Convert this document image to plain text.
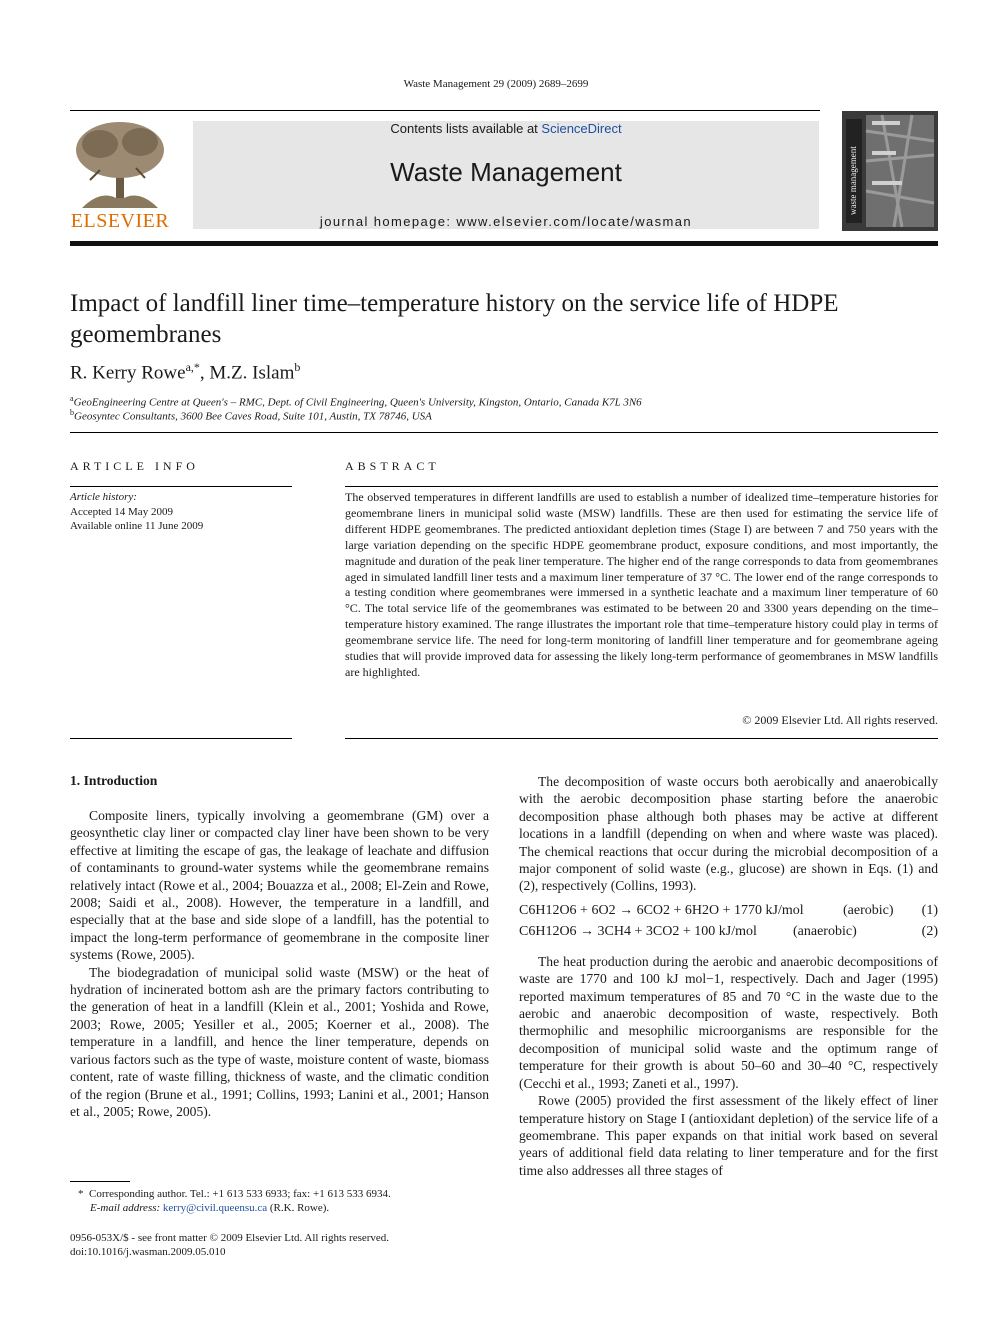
Waste Management 29 (2009) 2689–2699
ELSEVIER
Contents lists available at ScienceDirect
Waste Management
journal homepage: www.elsevier.com/locate/wasman
waste management
Impact of landfill liner time–temperature history on the service life of HDPE geomembranes
R. Kerry Rowe$^{a,*}$, M.Z. Islam$^b$
$^a$GeoEngineering Centre at Queen's – RMC, Dept. of Civil Engineering, Queen's University, Kingston, Ontario, Canada K7L 3N6
$^b$Geosyntec Consultants, 3600 Bee Caves Road, Suite 101, Austin, TX 78746, USA
ARTICLE INFO
Article history:
Accepted 14 May 2009
Available online 11 June 2009
ABSTRACT
The observed temperatures in different landfills are used to establish a number of idealized time–temperature histories for geomembrane liners in municipal solid waste (MSW) landfills. These are then used for estimating the service life of different HDPE geomembranes. The predicted antioxidant depletion times (Stage I) are between 7 and 750 years with the large variation depending on the specific HDPE geomembrane product, exposure conditions, and most importantly, the magnitude and duration of the peak liner temperature. The higher end of the range corresponds to data from geomembranes aged in simulated landfill liner tests and a maximum liner temperature of 37 °C. The lower end of the range corresponds to a testing condition where geomembranes were immersed in a synthetic leachate and a maximum liner temperature of 60 °C. The total service life of the geomembranes was estimated to be between 20 and 3300 years depending on the time–temperature history examined. The range illustrates the important role that time–temperature history could play in terms of geomembrane service life. The need for long-term monitoring of landfill liner temperature and for geomembrane ageing studies that will provide improved data for assessing the likely long-term performance of geomembranes in MSW landfills are highlighted.
© 2009 Elsevier Ltd. All rights reserved.
1. Introduction

Composite liners, typically involving a geomembrane (GM) over a geosynthetic clay liner or compacted clay liner have been shown to be very effective at limiting the escape of gas, the leakage of leachate and diffusion of contaminants to ground-water systems while the geomembrane remains relatively intact (Rowe et al., 2004; Bouazza et al., 2008; El-Zein and Rowe, 2008; Saidi et al., 2008). However, the temperature in a landfill, and especially that at the base and side slope of a landfill, has the potential to impact the long-term performance of geomembrane in the composite liner systems (Rowe, 2005).

The biodegradation of municipal solid waste (MSW) or the heat of hydration of incinerated bottom ash are the primary factors contributing to the generation of heat in a landfill (Klein et al., 2001; Yoshida and Rowe, 2003; Rowe, 2005; Yesiller et al., 2005; Koerner et al., 2008). The temperature in a landfill, and hence the liner temperature, depends on various factors such as the type of waste, moisture content of waste, biomass content, rate of waste filling, thickness of waste, and the climatic condition of the region (Brune et al., 1991; Collins, 1993; Lanini et al., 2001; Hanson et al., 2005; Rowe, 2005).

* Corresponding author. Tel.: +1 613 533 6933; fax: +1 613 533 6934.
E-mail address: kerry@civil.queensu.ca (R.K. Rowe).
0956-053X/$ - see front matter © 2009 Elsevier Ltd. All rights reserved.
doi:10.1016/j.wasman.2009.05.010

The decomposition of waste occurs both aerobically and anaerobically with the aerobic decomposition phase starting before the anaerobic decomposition phase although both phases may be active at different locations in a landfill (depending on when and where waste was placed). The chemical reactions that occur during the microbial decomposition of a major component of solid waste (e.g., glucose) are shown in Eqs. (1) and (2), respectively (Collins, 1993).

C6H12O6 + 6O2 → 6CO2 + 6H2O + 1770 kJ/mol	(aerobic) (1)
C6H12O6 → 3CH4 + 3CO2 + 100 kJ/mol	(anaerobic)	(2)

The heat production during the aerobic and anaerobic decompositions of waste are 1770 and 100 kJ mol−1, respectively. Dach and Jager (1995) reported maximum temperatures of 85 and 70 °C in the waste due to the aerobic and anaerobic decomposition of waste, respectively. Both thermophilic and mesophilic microorganisms are responsible for the decomposition of municipal solid waste and the optimum range of temperature for their growth is about 50–60 and 30–40 °C, respectively (Cecchi et al., 1993; Zaneti et al., 1997).

Rowe (2005) provided the first assessment of the likely effect of liner temperature history on Stage I (antioxidant depletion) of the service life of a geomembrane. This paper expands on that initial work based on several years of additional field data relating to liner temperature and for the first time also addresses all three stages of
